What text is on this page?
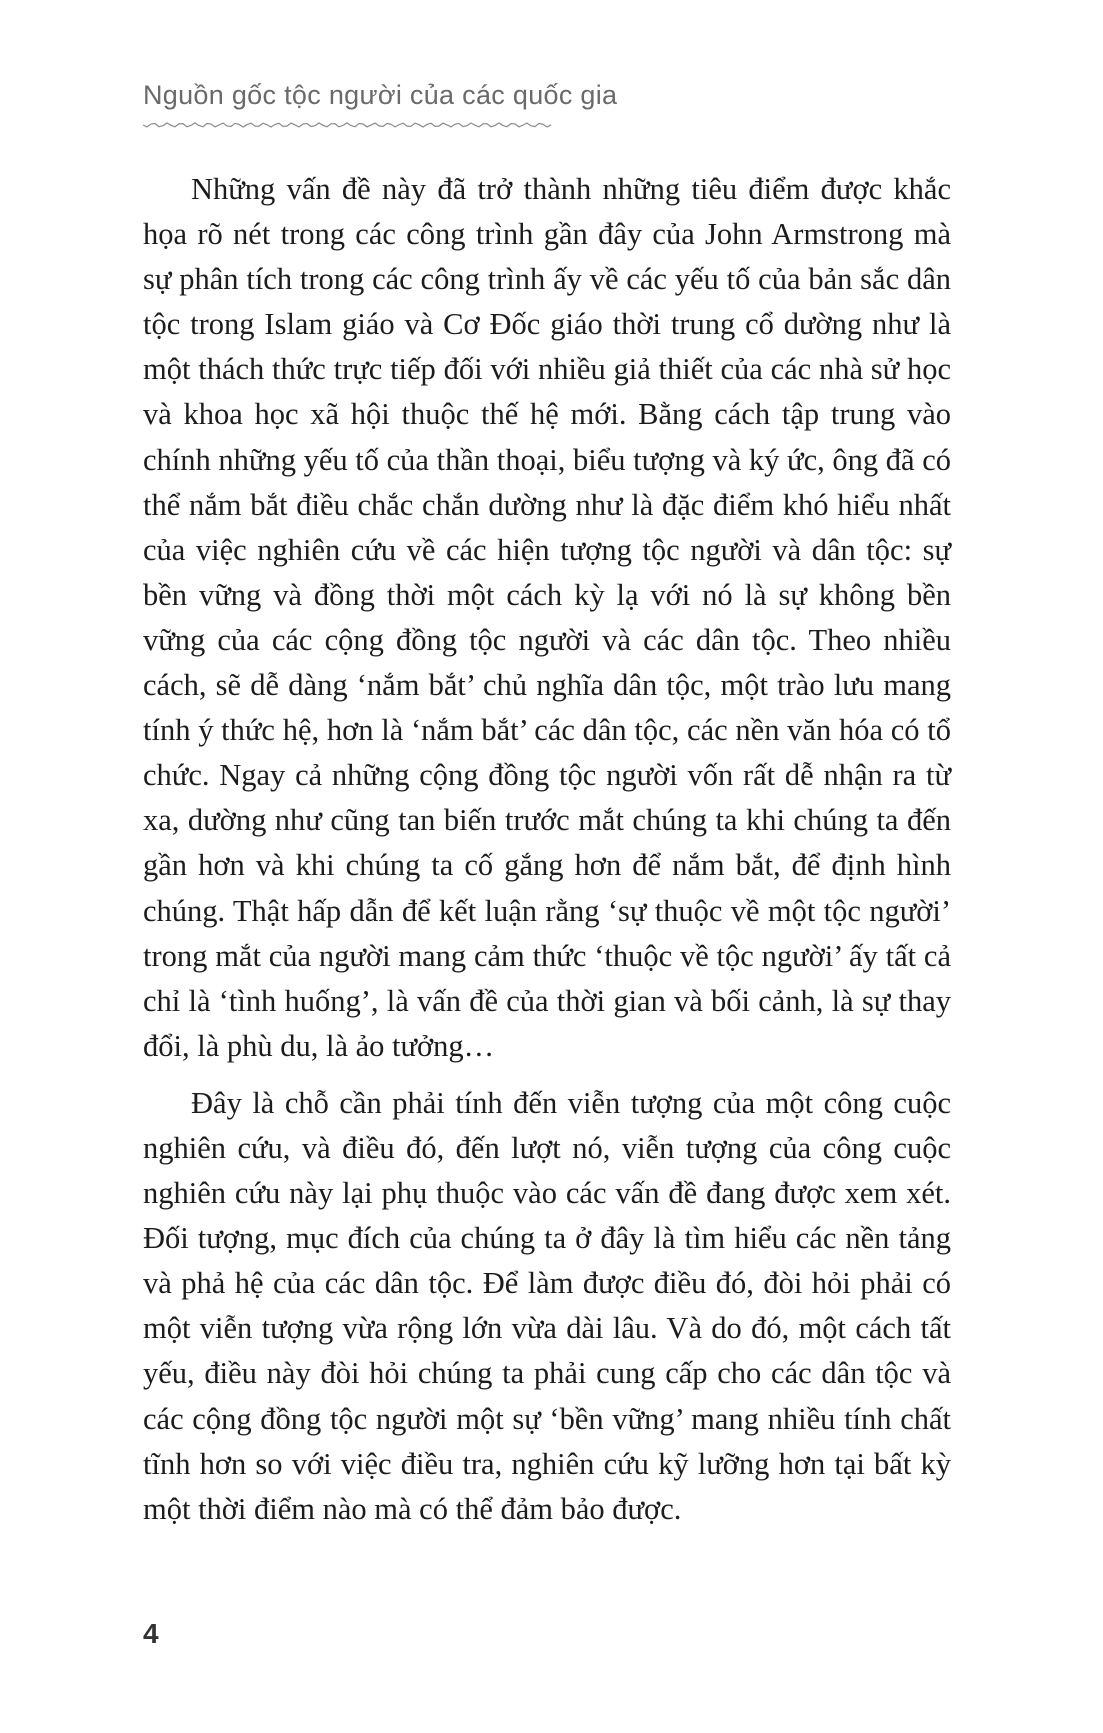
Nguồn gốc tộc người của các quốc gia

Những vấn đề này đã trở thành những tiêu điểm được khắc họa rõ nét trong các công trình gần đây của John Armstrong mà sự phân tích trong các công trình ấy về các yếu tố của bản sắc dân tộc trong Islam giáo và Cơ Đốc giáo thời trung cổ dường như là một thách thức trực tiếp đối với nhiều giả thiết của các nhà sử học và khoa học xã hội thuộc thế hệ mới. Bằng cách tập trung vào chính những yếu tố của thần thoại, biểu tượng và ký ức, ông đã có thể nắm bắt điều chắc chắn dường như là đặc điểm khó hiểu nhất của việc nghiên cứu về các hiện tượng tộc người và dân tộc: sự bền vững và đồng thời một cách kỳ lạ với nó là sự không bền vững của các cộng đồng tộc người và các dân tộc. Theo nhiều cách, sẽ dễ dàng ‘nắm bắt’ chủ nghĩa dân tộc, một trào lưu mang tính ý thức hệ, hơn là ‘nắm bắt’ các dân tộc, các nền văn hóa có tổ chức. Ngay cả những cộng đồng tộc người vốn rất dễ nhận ra từ xa, dường như cũng tan biến trước mắt chúng ta khi chúng ta đến gần hơn và khi chúng ta cố gắng hơn để nắm bắt, để định hình chúng. Thật hấp dẫn để kết luận rằng ‘sự thuộc về một tộc người’ trong mắt của người mang cảm thức ‘thuộc về tộc người’ ấy tất cả chỉ là ‘tình huống’, là vấn đề của thời gian và bối cảnh, là sự thay đổi, là phù du, là ảo tưởng…

Đây là chỗ cần phải tính đến viễn tượng của một công cuộc nghiên cứu, và điều đó, đến lượt nó, viễn tượng của công cuộc nghiên cứu này lại phụ thuộc vào các vấn đề đang được xem xét. Đối tượng, mục đích của chúng ta ở đây là tìm hiểu các nền tảng và phả hệ của các dân tộc. Để làm được điều đó, đòi hỏi phải có một viễn tượng vừa rộng lớn vừa dài lâu. Và do đó, một cách tất yếu, điều này đòi hỏi chúng ta phải cung cấp cho các dân tộc và các cộng đồng tộc người một sự ‘bền vững’ mang nhiều tính chất tĩnh hơn so với việc điều tra, nghiên cứu kỹ lưỡng hơn tại bất kỳ một thời điểm nào mà có thể đảm bảo được.

4
